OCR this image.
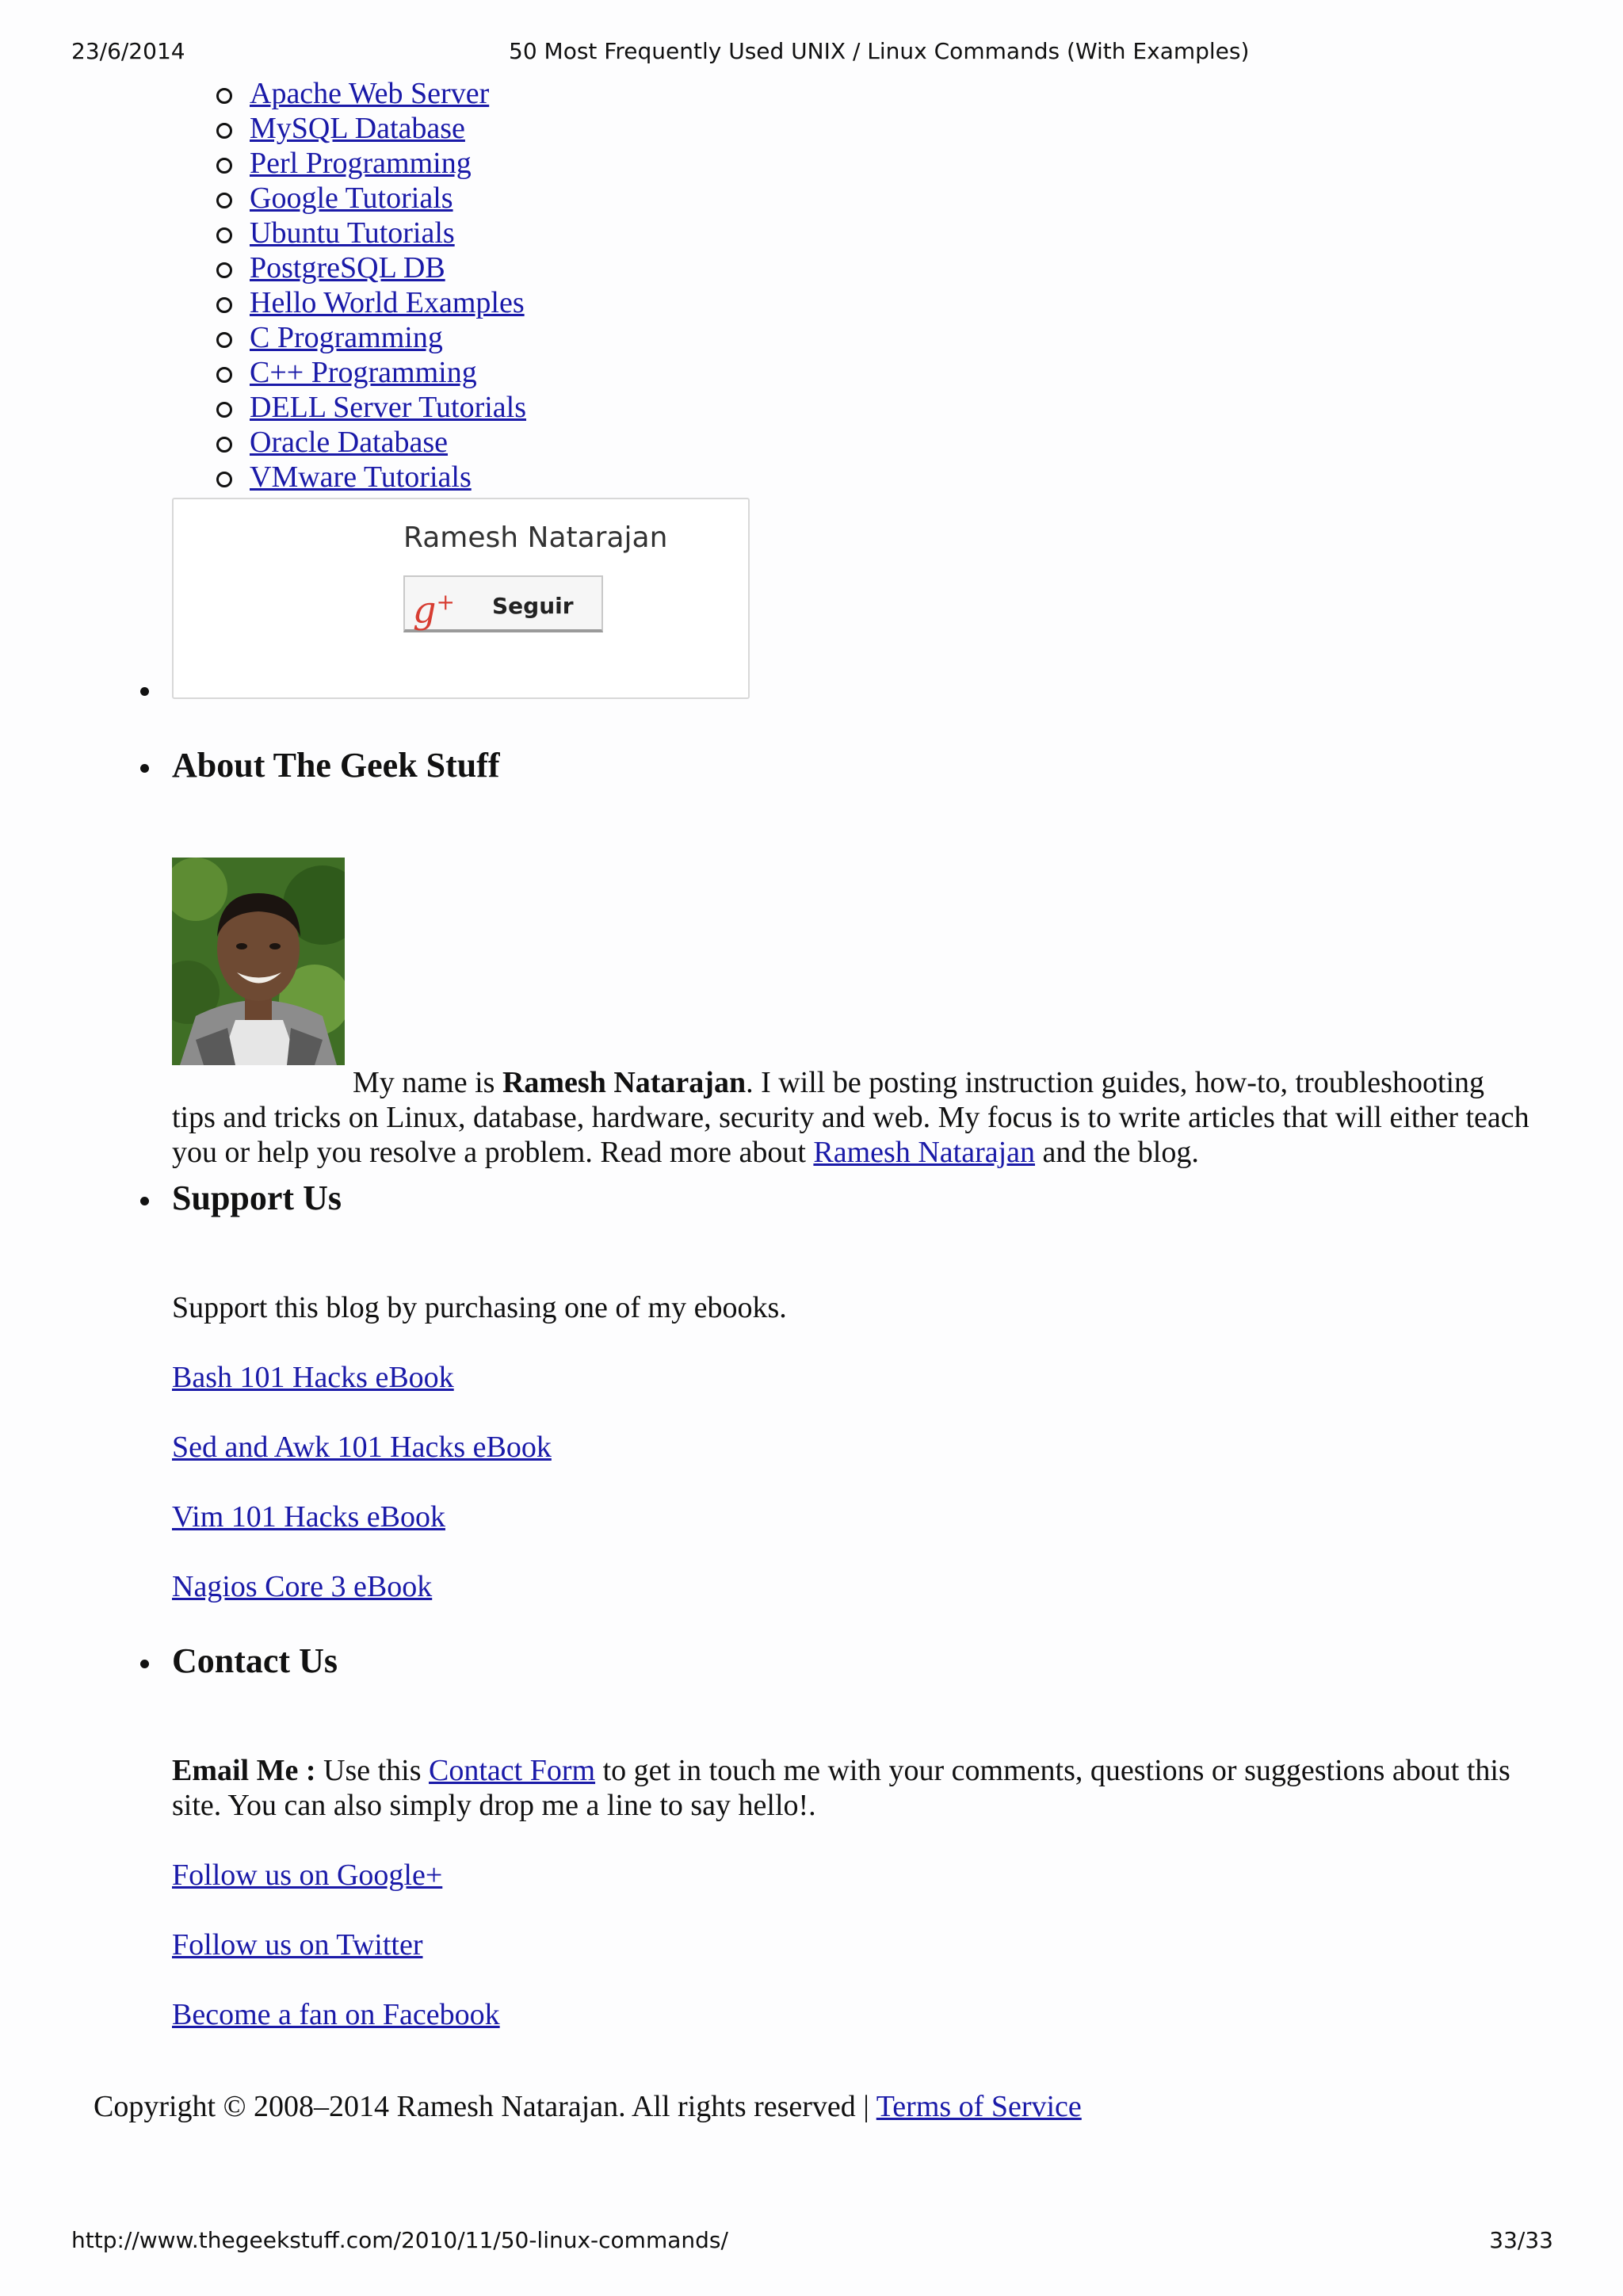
23/6/2014	50 Most Frequently Used UNIX / Linux Commands (With Examples)
Apache Web Server
MySQL Database
Perl Programming
Google Tutorials
Ubuntu Tutorials
PostgreSQL DB
Hello World Examples
C Programming
C++ Programming
DELL Server Tutorials
Oracle Database
VMware Tutorials
Ramesh Natarajan
g+ Seguir
About The Geek Stuff

My name is Ramesh Natarajan. I will be posting instruction guides, how-to, troubleshooting tips and tricks on Linux, database, hardware, security and web. My focus is to write articles that will either teach you or help you resolve a problem. Read more about Ramesh Natarajan and the blog.

Support Us

Support this blog by purchasing one of my ebooks.

Bash 101 Hacks eBook

Sed and Awk 101 Hacks eBook

Vim 101 Hacks eBook

Nagios Core 3 eBook

Contact Us

Email Me : Use this Contact Form to get in touch me with your comments, questions or suggestions about this site. You can also simply drop me a line to say hello!.

Follow us on Google+

Follow us on Twitter

Become a fan on Facebook

Copyright © 2008–2014 Ramesh Natarajan. All rights reserved | Terms of Service

http://www.thegeekstuff.com/2010/11/50-linux-commands/	33/33
